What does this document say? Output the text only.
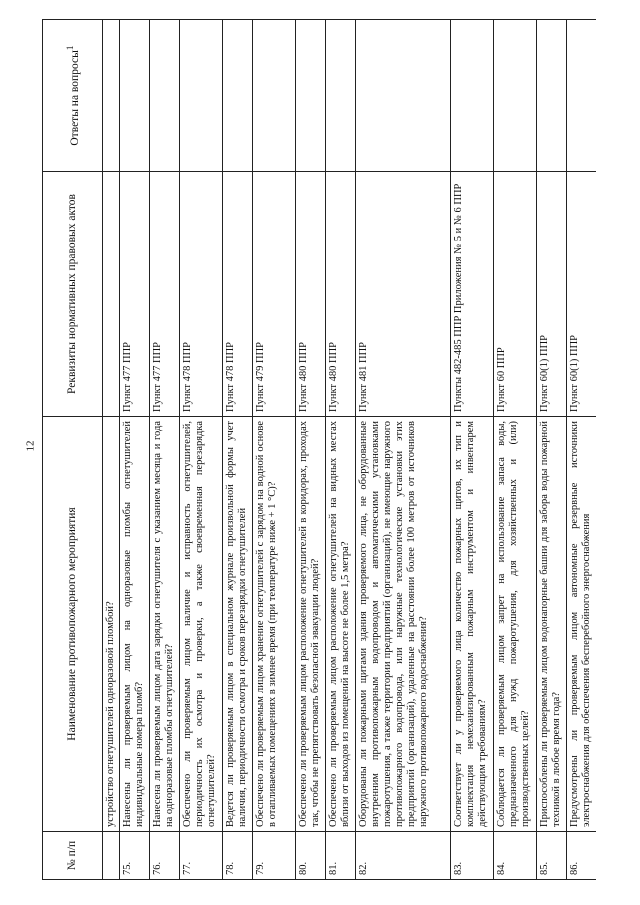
12
№ п/п	Наименование противопожарного мероприятия	Реквизиты нормативных правовых актов	Ответы на вопросы$^1$
	устройство огнетушителей одноразовой пломбой?		
75.	Нанесены ли проверяемым лицом на одноразовые пломбы огнетушителей индивидуальные номера пломб?	Пункт 477 ППР	
76.	Нанесена ли проверяемым лицом дата зарядки огнетушителя с указанием месяца и года на одноразовые пломбы огнетушителей?	Пункт 477 ППР	
77.	Обеспечено ли проверяемым лицом наличие и исправность огнетушителей, периодичность их осмотра и проверки, а также своевременная перезарядка огнетушителей?	Пункт 478 ППР	
78.	Ведется ли проверяемым лицом в специальном журнале произвольной формы учет наличия, периодичности осмотра и сроков перезарядки огнетушителей	Пункт 478 ППР	
79.	Обеспечено ли проверяемым лицом хранение огнетушителей с зарядом на водной основе в отапливаемых помещениях в зимнее время (при температуре ниже + 1 °С)?	Пункт 479 ППР	
80.	Обеспечено ли проверяемым лицом расположение огнетушителей в коридорах, проходах так, чтобы не препятствовать безопасной эвакуации людей?	Пункт 480 ППР	
81.	Обеспечено ли проверяемым лицом расположение огнетушителей на видных местах вблизи от выходов из помещений на высоте не более 1,5 метра?	Пункт 480 ППР	
82.	Оборудованы ли пожарными щитами здания проверяемого лица, не оборудованные внутренним противопожарным водопроводом и автоматическими установками пожаротушения, а также территории предприятий (организаций), не имеющие наружного противопожарного водопровода, или наружные технологические установки этих предприятий (организаций), удаленные на расстоянии более 100 метров от источников наружного противопожарного водоснабжения?	Пункт 481 ППР	
83.	Соответствует ли у проверяемого лица количество пожарных щитов, их тип и комплектация немеханизированным пожарным инструментом и инвентарем действующим требованиям?	Пункты 482-485 ППР Приложения № 5 и № 6 ППР	
84.	Соблюдается ли проверяемым лицом запрет на использование запаса воды, предназначенного для нужд пожаротушения, для хозяйственных и (или) производственных целей?	Пункт 60 ППР	
85.	Приспособлены ли проверяемым лицом водонапорные башни для забора воды пожарной техникой в любое время года?	Пункт 60(1) ППР	
86.	Предусмотрены ли проверяемым лицом автономные резервные источники электроснабжения для обеспечения бесперебойного энергоснабжения	Пункт 60(1) ППР	
